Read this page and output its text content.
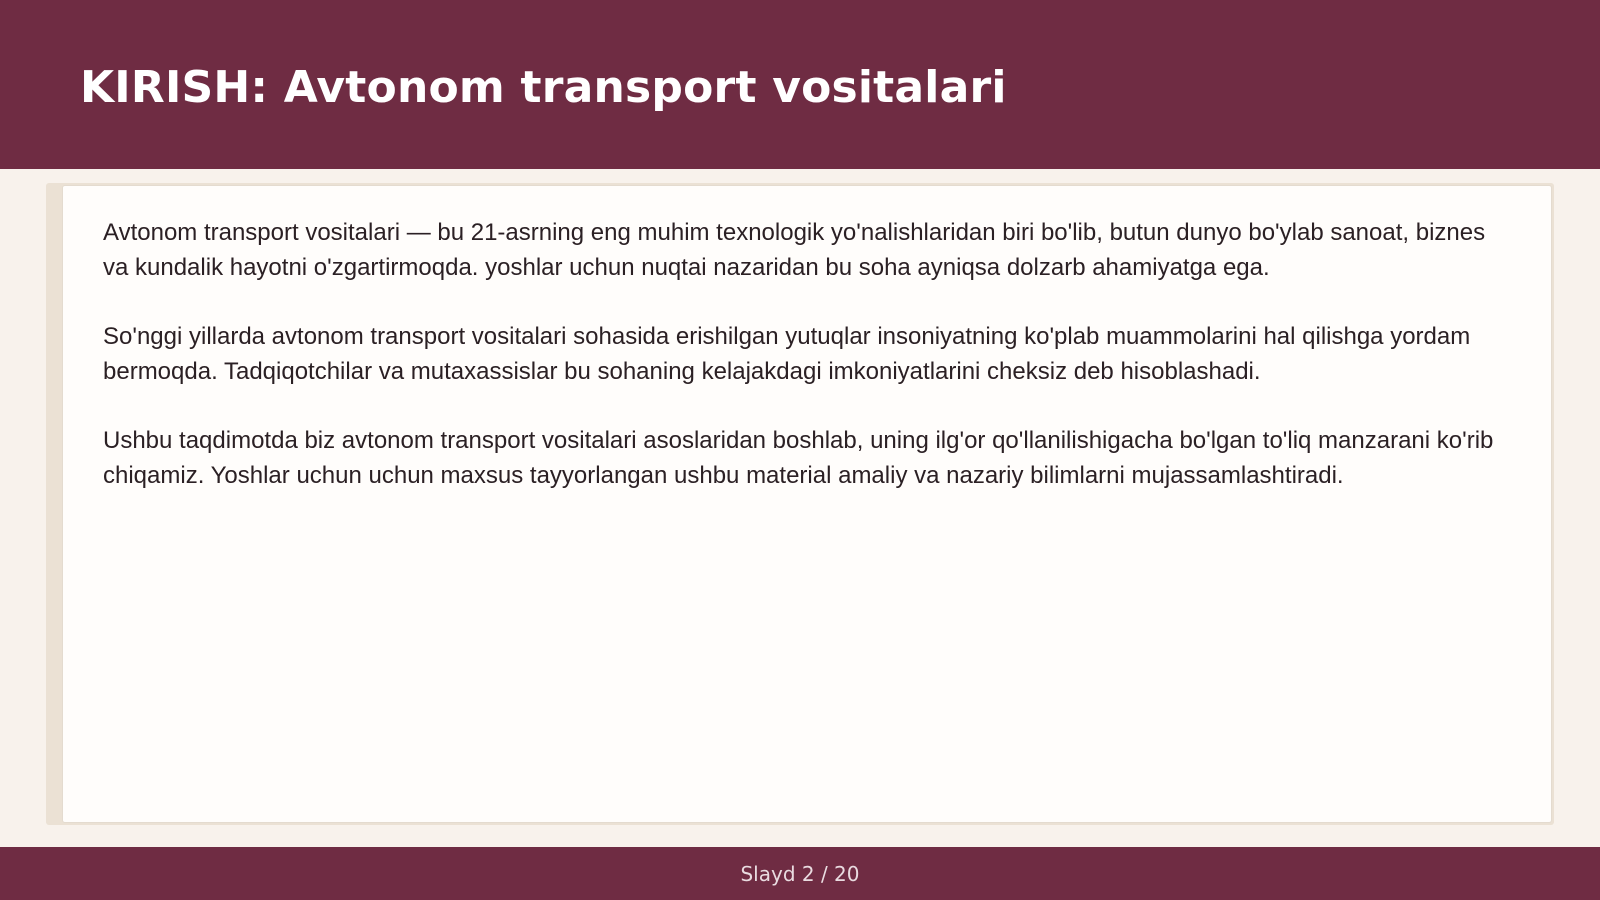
KIRISH: Avtonom transport vositalari

Avtonom transport vositalari — bu 21-asrning eng muhim texnologik yo'nalishlaridan biri bo'lib, butun dunyo bo'ylab sanoat, biznes va kundalik hayotni o'zgartirmoqda. yoshlar uchun nuqtai nazaridan bu soha ayniqsa dolzarb ahamiyatga ega.

So'nggi yillarda avtonom transport vositalari sohasida erishilgan yutuqlar insoniyatning ko'plab muammolarini hal qilishga yordam bermoqda. Tadqiqotchilar va mutaxassislar bu sohaning kelajakdagi imkoniyatlarini cheksiz deb hisoblashadi.

Ushbu taqdimotda biz avtonom transport vositalari asoslaridan boshlab, uning ilg'or qo'llanilishigacha bo'lgan to'liq manzarani ko'rib chiqamiz. Yoshlar uchun uchun maxsus tayyorlangan ushbu material amaliy va nazariy bilimlarni mujassamlashtiradi.

Slayd 2 / 20
